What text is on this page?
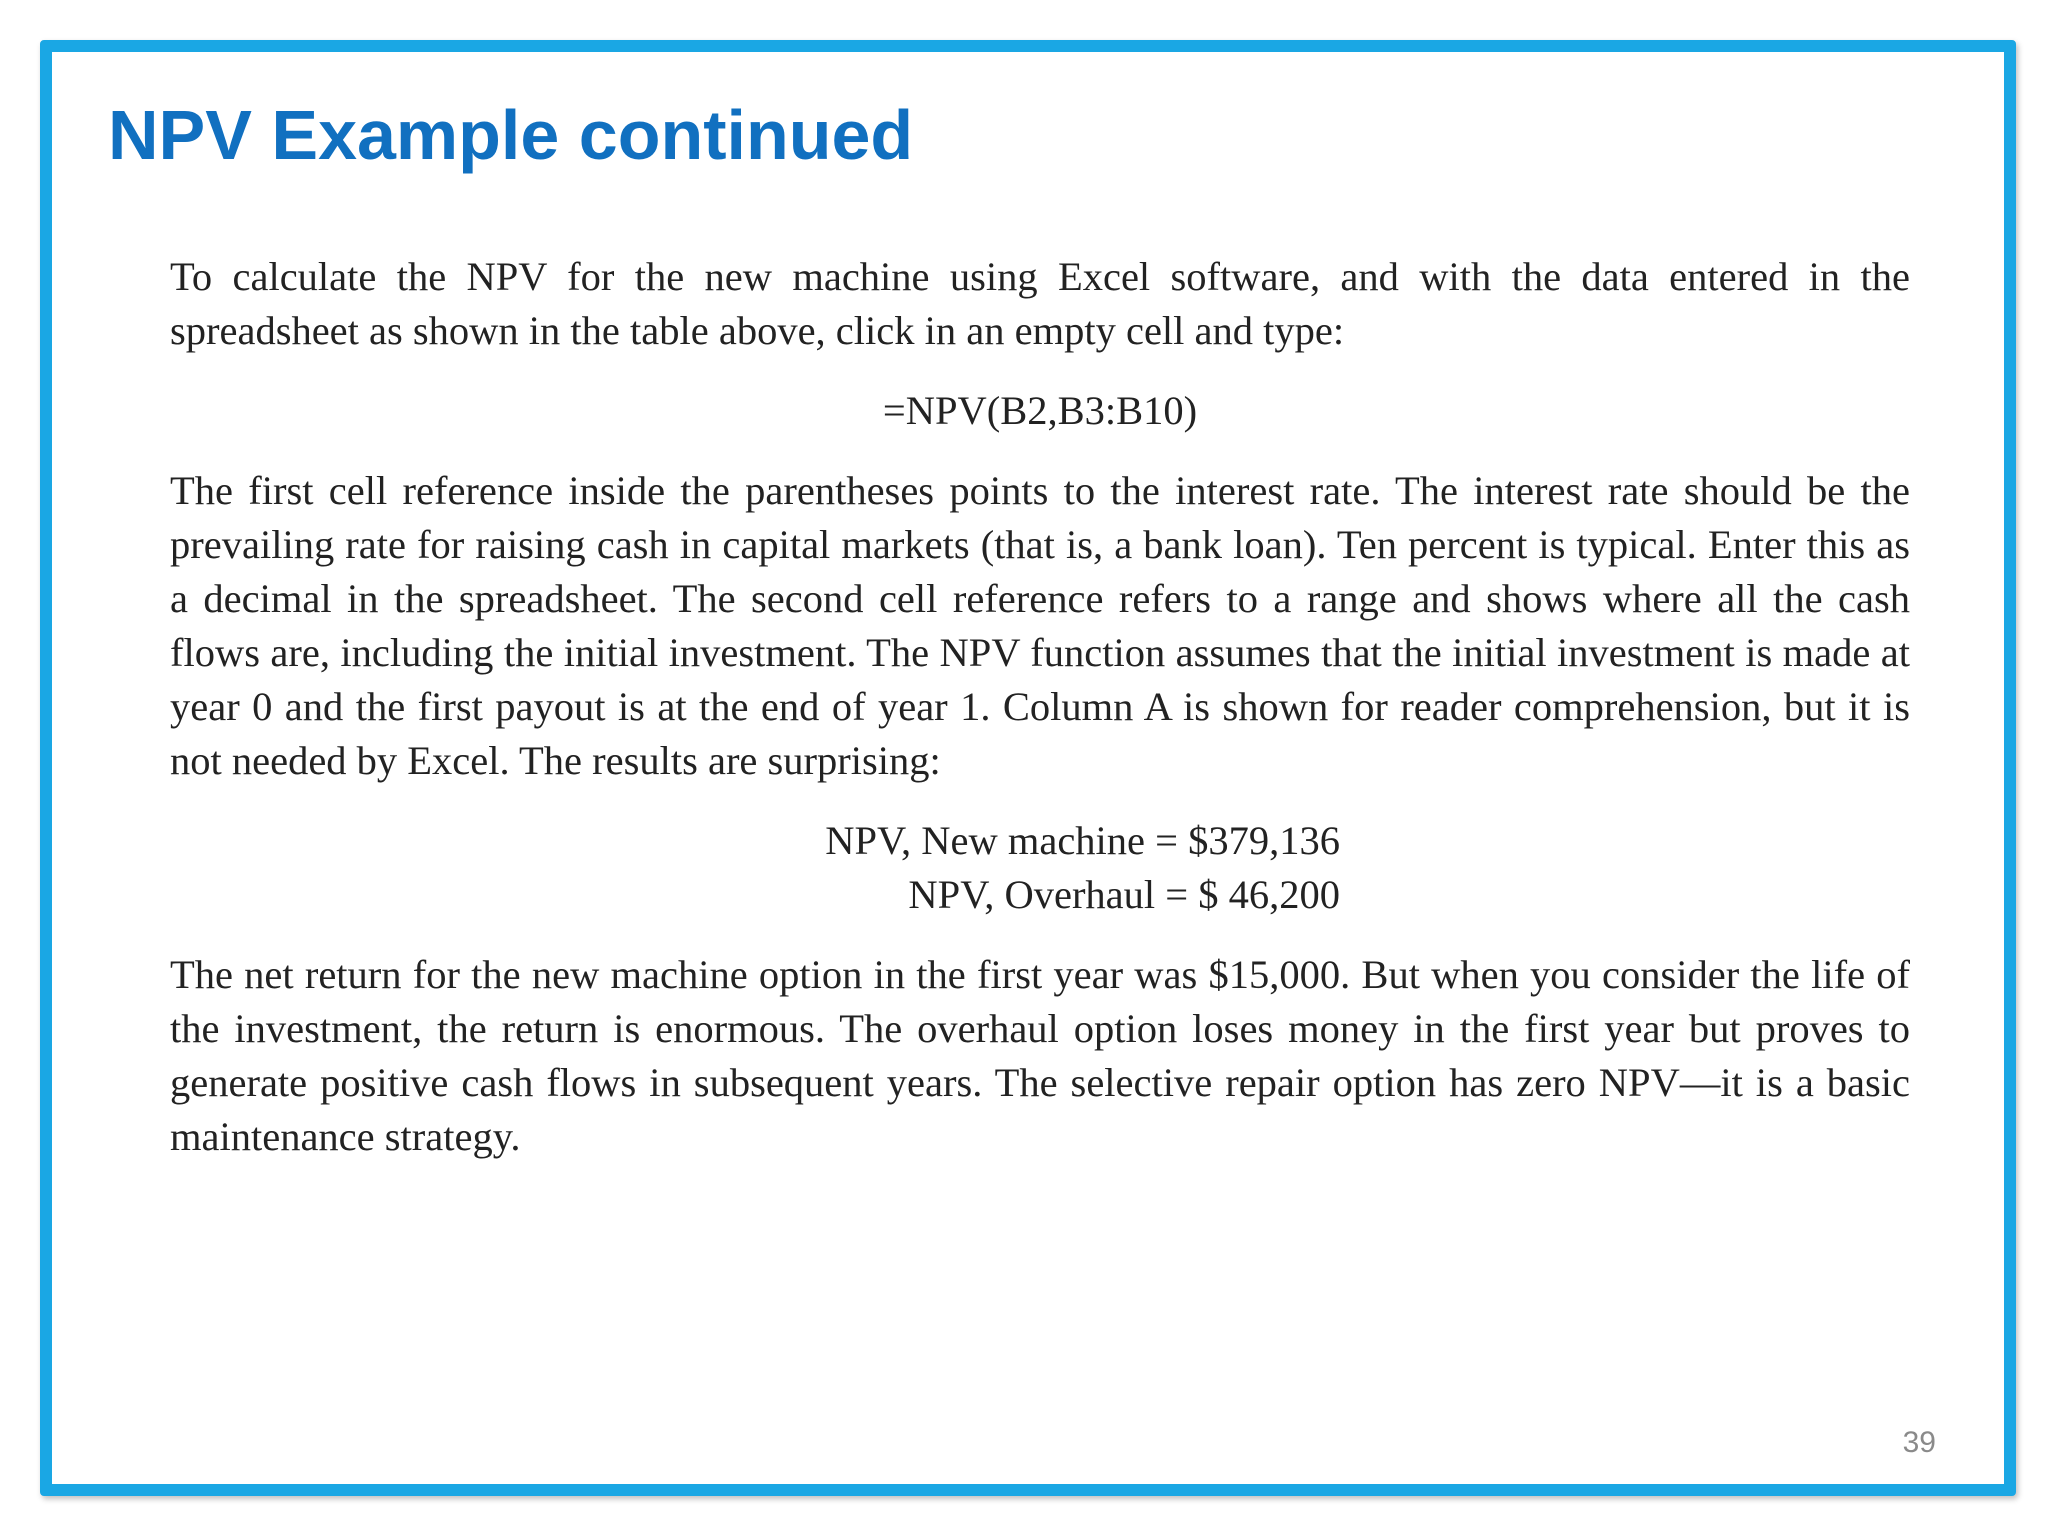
NPV Example continued

To calculate the NPV for the new machine using Excel software, and with the data entered in the spreadsheet as shown in the table above, click in an empty cell and type:

=NPV(B2,B3:B10)

The first cell reference inside the parentheses points to the interest rate. The interest rate should be the prevailing rate for raising cash in capital markets (that is, a bank loan). Ten percent is typical. Enter this as a decimal in the spreadsheet. The second cell reference refers to a range and shows where all the cash flows are, including the initial investment. The NPV function assumes that the initial investment is made at year 0 and the first payout is at the end of year 1. Column A is shown for reader comprehension, but it is not needed by Excel. The results are surprising:

NPV, New machine = $379,136
NPV, Overhaul = $ 46,200

The net return for the new machine option in the first year was $15,000. But when you consider the life of the investment, the return is enormous. The overhaul option loses money in the first year but proves to generate positive cash flows in subsequent years. The selective repair option has zero NPV—it is a basic maintenance strategy.

39
